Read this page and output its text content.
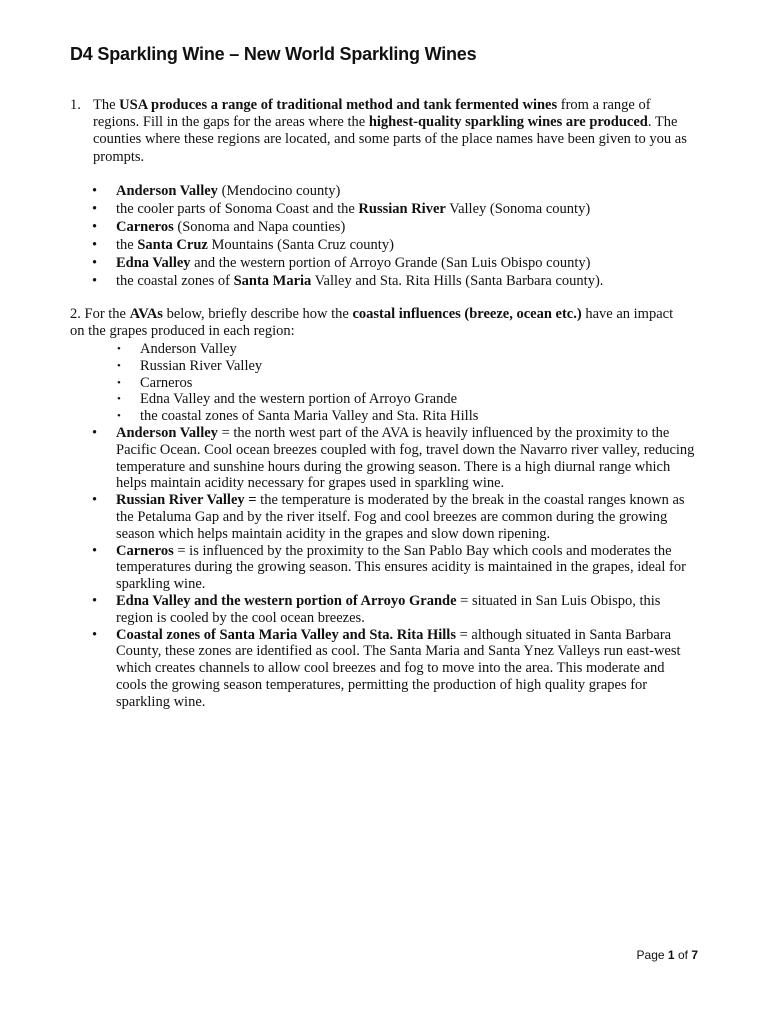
D4 Sparkling Wine – New World Sparkling Wines
1. The USA produces a range of traditional method and tank fermented wines from a range of regions. Fill in the gaps for the areas where the highest-quality sparkling wines are produced. The counties where these regions are located, and some parts of the place names have been given to you as prompts.
• Anderson Valley (Mendocino county)
• the cooler parts of Sonoma Coast and the Russian River Valley (Sonoma county)
• Carneros (Sonoma and Napa counties)
• the Santa Cruz Mountains (Santa Cruz county)
• Edna Valley and the western portion of Arroyo Grande (San Luis Obispo county)
• the coastal zones of Santa Maria Valley and Sta. Rita Hills (Santa Barbara county).
2. For the AVAs below, briefly describe how the coastal influences (breeze, ocean etc.) have an impact on the grapes produced in each region:
• Anderson Valley
• Russian River Valley
• Carneros
• Edna Valley and the western portion of Arroyo Grande
• the coastal zones of Santa Maria Valley and Sta. Rita Hills
• Anderson Valley = the north west part of the AVA is heavily influenced by the proximity to the Pacific Ocean. Cool ocean breezes coupled with fog, travel down the Navarro river valley, reducing temperature and sunshine hours during the growing season. There is a high diurnal range which helps maintain acidity necessary for grapes used in sparkling wine.
• Russian River Valley = the temperature is moderated by the break in the coastal ranges known as the Petaluma Gap and by the river itself. Fog and cool breezes are common during the growing season which helps maintain acidity in the grapes and slow down ripening.
• Carneros = is influenced by the proximity to the San Pablo Bay which cools and moderates the temperatures during the growing season. This ensures acidity is maintained in the grapes, ideal for sparkling wine.
• Edna Valley and the western portion of Arroyo Grande = situated in San Luis Obispo, this region is cooled by the cool ocean breezes.
• Coastal zones of Santa Maria Valley and Sta. Rita Hills = although situated in Santa Barbara County, these zones are identified as cool. The Santa Maria and Santa Ynez Valleys run east-west which creates channels to allow cool breezes and fog to move into the area. This moderate and cools the growing season temperatures, permitting the production of high quality grapes for sparkling wine.
Page 1 of 7
